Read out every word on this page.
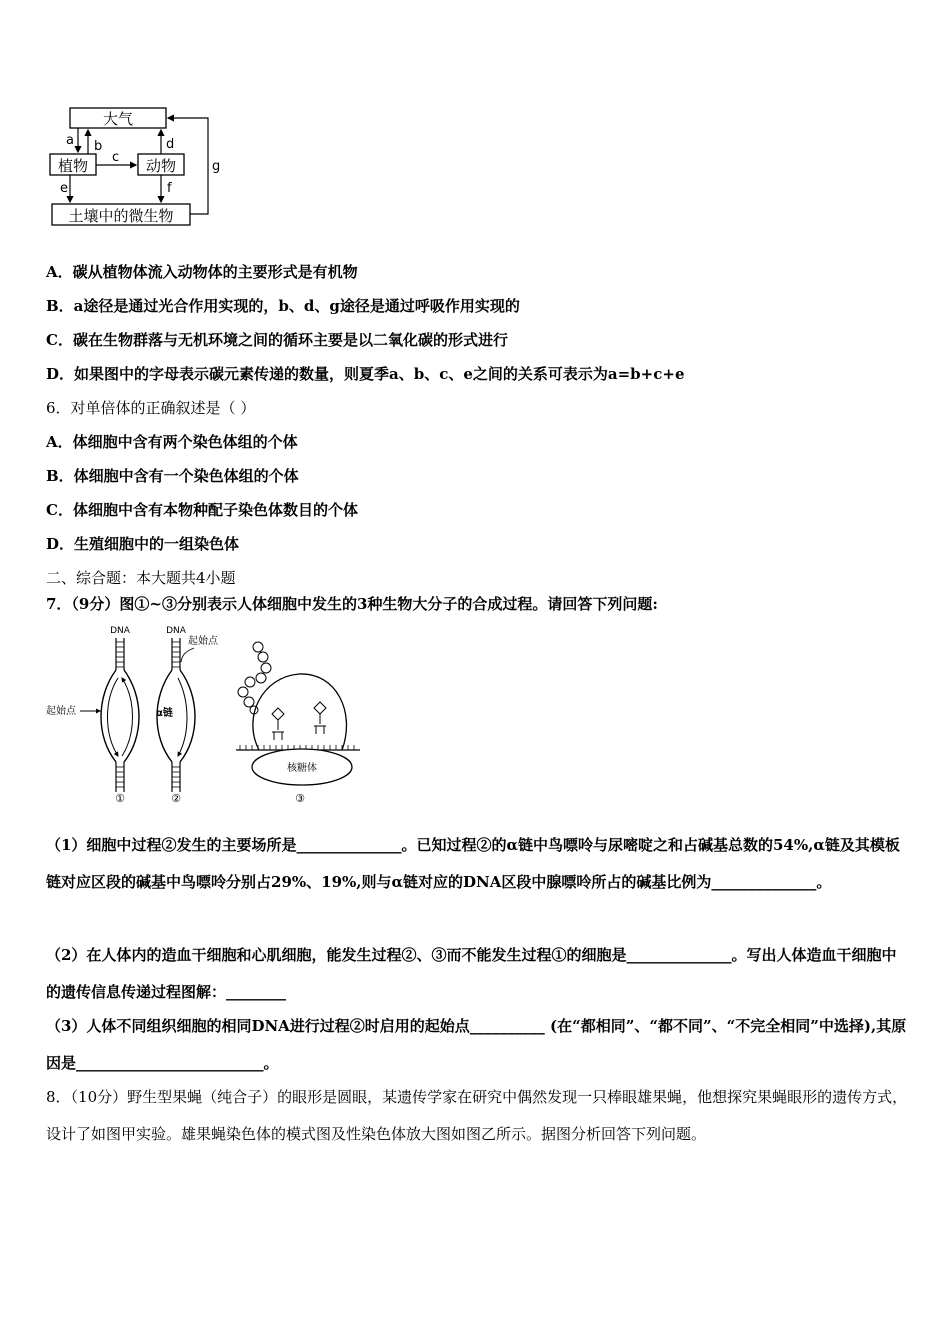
大气
植物	动物
土壤中的微生物
a b
c
d
e	f
g
A．碳从植物体流入动物体的主要形式是有机物
B．a途径是通过光合作用实现的，b、d、g途径是通过呼吸作用实现的
C．碳在生物群落与无机环境之间的循环主要是以二氧化碳的形式进行
D．如果图中的字母表示碳元素传递的数量，则夏季a、b、c、e之间的关系可表示为a=b+c+e
6．对单倍体的正确叙述是（ ）
A．体细胞中含有两个染色体组的个体
B．体细胞中含有一个染色体组的个体
C．体细胞中含有本物种配子染色体数目的个体
D．生殖细胞中的一组染色体
二、综合题：本大题共4小题
7．（9分）图①~③分别表示人体细胞中发生的3种生物大分子的合成过程。请回答下列问题:
DNA
起始点
①
DNA
起始点
α链
②
核糖体
③
（1）细胞中过程②发生的主要场所是______________。已知过程②的α链中鸟嘌呤与尿嘧啶之和占碱基总数的54%,α链及其模板链对应区段的碱基中鸟嘌呤分别占29%、19%,则与α链对应的DNA区段中腺嘌呤所占的碱基比例为______________。
（2）在人体内的造血干细胞和心肌细胞，能发生过程②、③而不能发生过程①的细胞是______________。写出人体造血干细胞中的遗传信息传递过程图解：________
（3）人体不同组织细胞的相同DNA进行过程②时启用的起始点__________ (在“都相同”、“都不同”、“不完全相同”中选择),其原因是_________________________。
8．（10分）野生型果蝇（纯合子）的眼形是圆眼，某遗传学家在研究中偶然发现一只棒眼雄果蝇，他想探究果蝇眼形的遗传方式，设计了如图甲实验。雄果蝇染色体的模式图及性染色体放大图如图乙所示。据图分析回答下列问题。
